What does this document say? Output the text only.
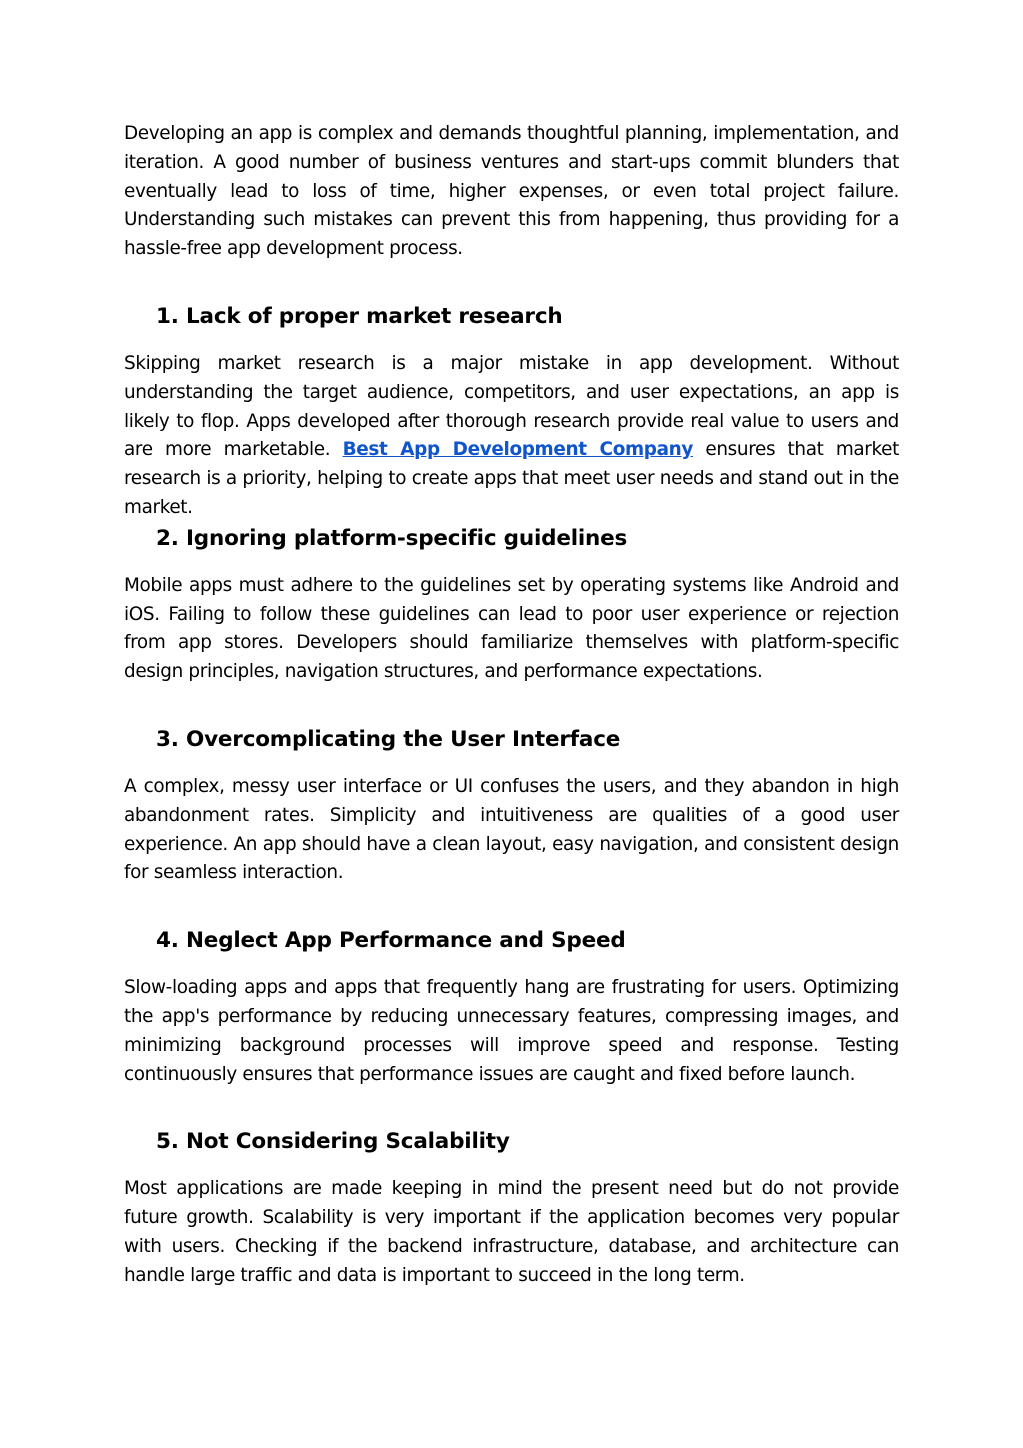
Developing an app is complex and demands thoughtful planning, implementation, and iteration. A good number of business ventures and start-ups commit blunders that eventually lead to loss of time, higher expenses, or even total project failure. Understanding such mistakes can prevent this from happening, thus providing for a hassle-free app development process.

1. Lack of proper market research

Skipping market research is a major mistake in app development. Without understanding the target audience, competitors, and user expectations, an app is likely to flop. Apps developed after thorough research provide real value to users and are more marketable. Best App Development Company ensures that market research is a priority, helping to create apps that meet user needs and stand out in the market.

2. Ignoring platform-specific guidelines

Mobile apps must adhere to the guidelines set by operating systems like Android and iOS. Failing to follow these guidelines can lead to poor user experience or rejection from app stores. Developers should familiarize themselves with platform-specific design principles, navigation structures, and performance expectations.

3. Overcomplicating the User Interface

A complex, messy user interface or UI confuses the users, and they abandon in high abandonment rates. Simplicity and intuitiveness are qualities of a good user experience. An app should have a clean layout, easy navigation, and consistent design for seamless interaction.

4. Neglect App Performance and Speed

Slow-loading apps and apps that frequently hang are frustrating for users. Optimizing the app's performance by reducing unnecessary features, compressing images, and minimizing background processes will improve speed and response. Testing continuously ensures that performance issues are caught and fixed before launch.

5. Not Considering Scalability

Most applications are made keeping in mind the present need but do not provide future growth. Scalability is very important if the application becomes very popular with users. Checking if the backend infrastructure, database, and architecture can handle large traffic and data is important to succeed in the long term.
